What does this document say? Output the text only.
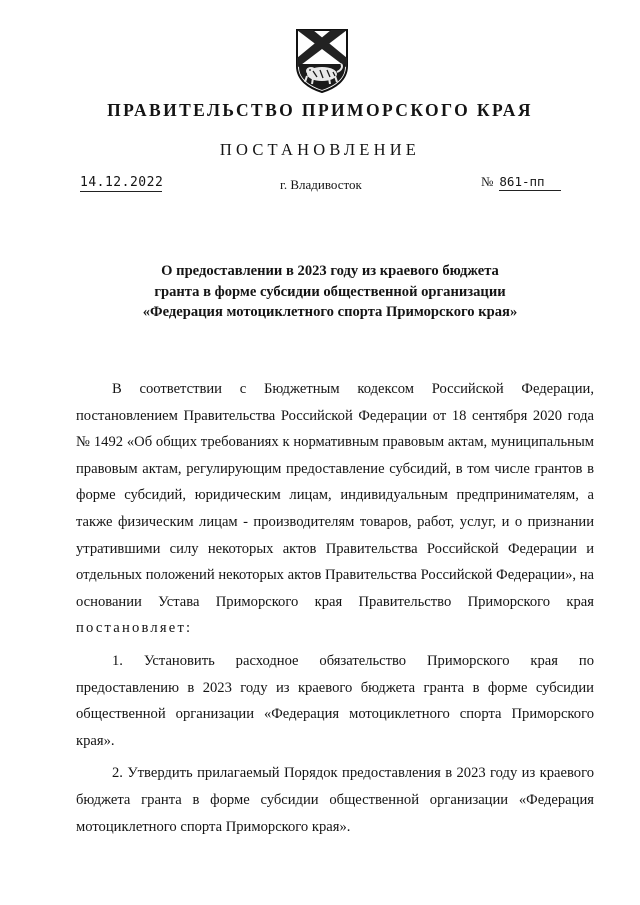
ПРАВИТЕЛЬСТВО ПРИМОРСКОГО КРАЯ
ПОСТАНОВЛЕНИЕ
14.12.2022	г. Владивосток	№ 861-пп
О предоставлении в 2023 году из краевого бюджета
гранта в форме субсидии общественной организации
«Федерация мотоциклетного спорта Приморского края»

В соответствии с Бюджетным кодексом Российской Федерации, постановлением Правительства Российской Федерации от 18 сентября 2020 года № 1492 «Об общих требованиях к нормативным правовым актам, муниципальным правовым актам, регулирующим предоставление субсидий, в том числе грантов в форме субсидий, юридическим лицам, индивидуальным предпринимателям, а также физическим лицам - производителям товаров, работ, услуг, и о признании утратившими силу некоторых актов Правительства Российской Федерации и отдельных положений некоторых актов Правительства Российской Федерации», на основании Устава Приморского края Правительство Приморского края постановляет:

1. Установить расходное обязательство Приморского края по предоставлению в 2023 году из краевого бюджета гранта в форме субсидии общественной организации «Федерация мотоциклетного спорта Приморского края».

2. Утвердить прилагаемый Порядок предоставления в 2023 году из краевого бюджета гранта в форме субсидии общественной организации «Федерация мотоциклетного спорта Приморского края».
